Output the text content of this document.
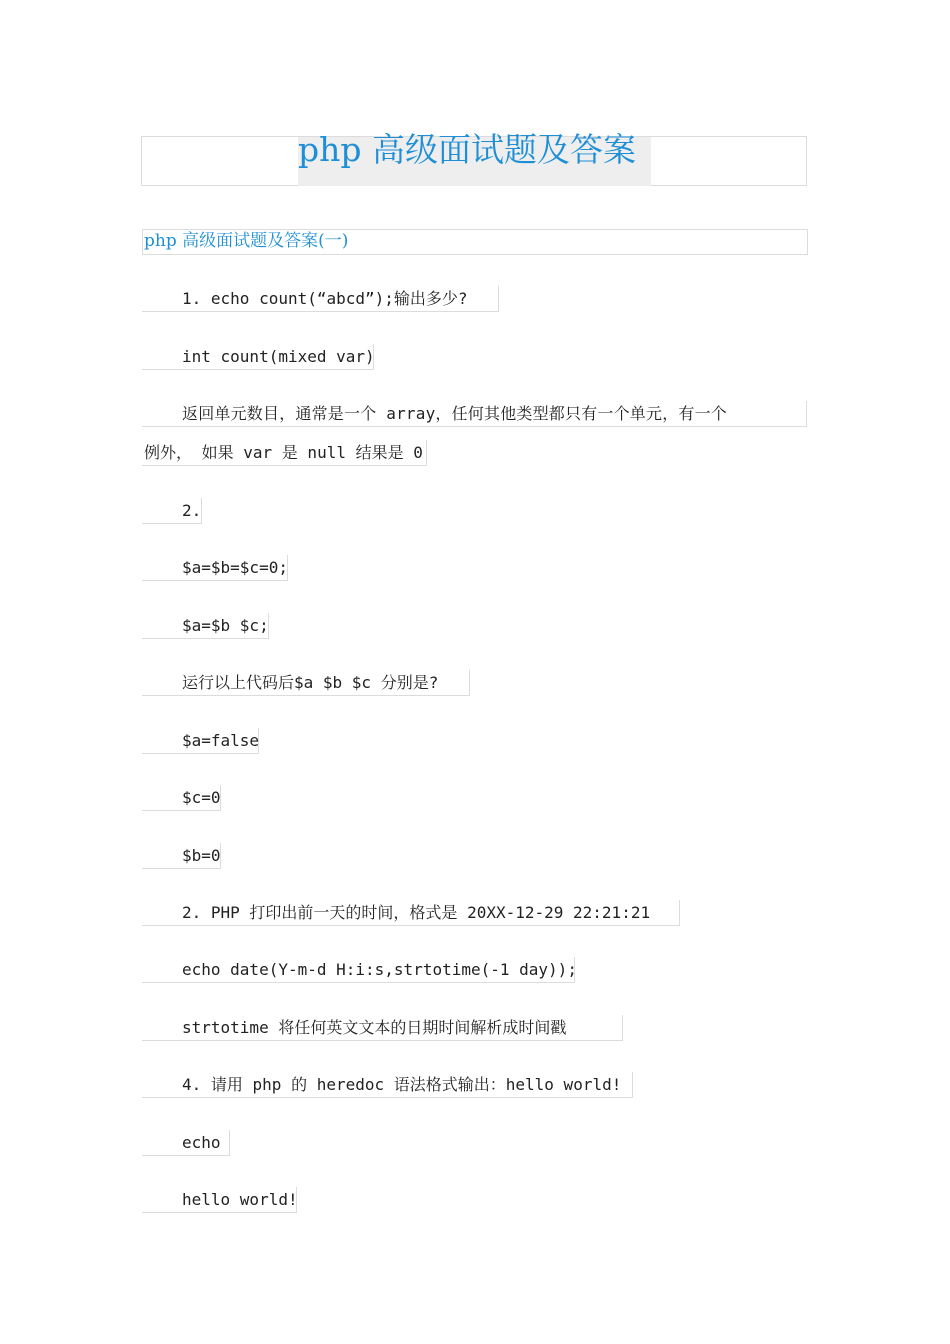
php 高级面试题及答案
php 高级面试题及答案(一)
1. echo count(“abcd”);输出多少?
int count(mixed var)
返回单元数目，通常是一个 array，任何其他类型都只有一个单元，有一个
例外， 如果 var 是 null 结果是 0
2.
$a=$b=$c=0;
$a=$b $c;
运行以上代码后$a $b $c 分别是?
$a=false
$c=0
$b=0
2. PHP 打印出前一天的时间，格式是 20XX-12-29 22:21:21
echo date(Y-m-d H:i:s,strtotime(-1 day));
strtotime 将任何英文文本的日期时间解析成时间戳
4. 请用 php 的 heredoc 语法格式输出：hello world!
echo
hello world!
